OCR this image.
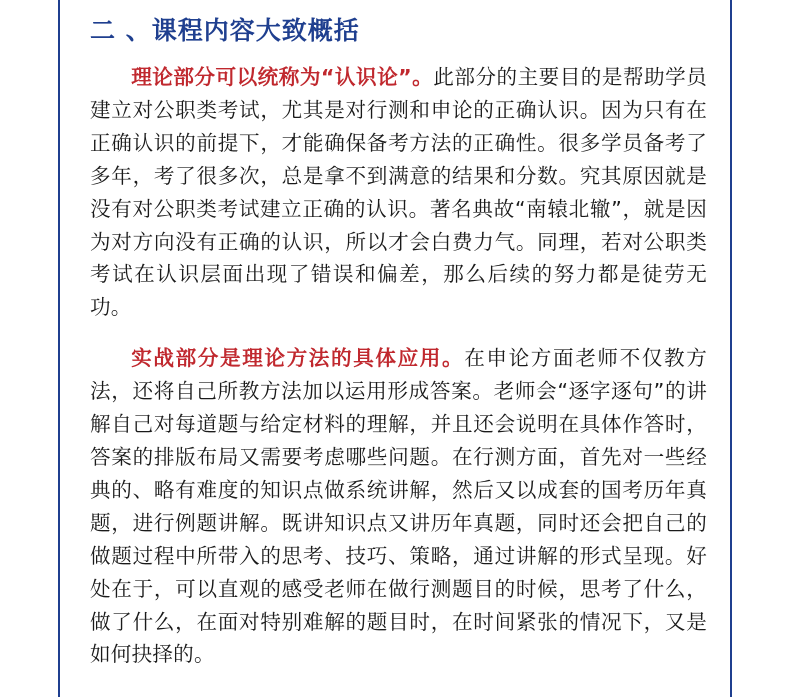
二 、课程内容大致概括

理论部分可以统称为“认识论”。此部分的主要目的是帮助学员建立对公职类考试，尤其是对行测和申论的正确认识。因为只有在正确认识的前提下，才能确保备考方法的正确性。很多学员备考了多年，考了很多次，总是拿不到满意的结果和分数。究其原因就是没有对公职类考试建立正确的认识。著名典故“南辕北辙”，就是因为对方向没有正确的认识，所以才会白费力气。同理，若对公职类考试在认识层面出现了错误和偏差，那么后续的努力都是徒劳无功。

实战部分是理论方法的具体应用。在申论方面老师不仅教方法，还将自己所教方法加以运用形成答案。老师会“逐字逐句”的讲解自己对每道题与给定材料的理解，并且还会说明在具体作答时，答案的排版布局又需要考虑哪些问题。在行测方面，首先对一些经典的、略有难度的知识点做系统讲解，然后又以成套的国考历年真题，进行例题讲解。既讲知识点又讲历年真题，同时还会把自己的做题过程中所带入的思考、技巧、策略，通过讲解的形式呈现。好处在于，可以直观的感受老师在做行测题目的时候，思考了什么，做了什么，在面对特别难解的题目时，在时间紧张的情况下，又是如何抉择的。
